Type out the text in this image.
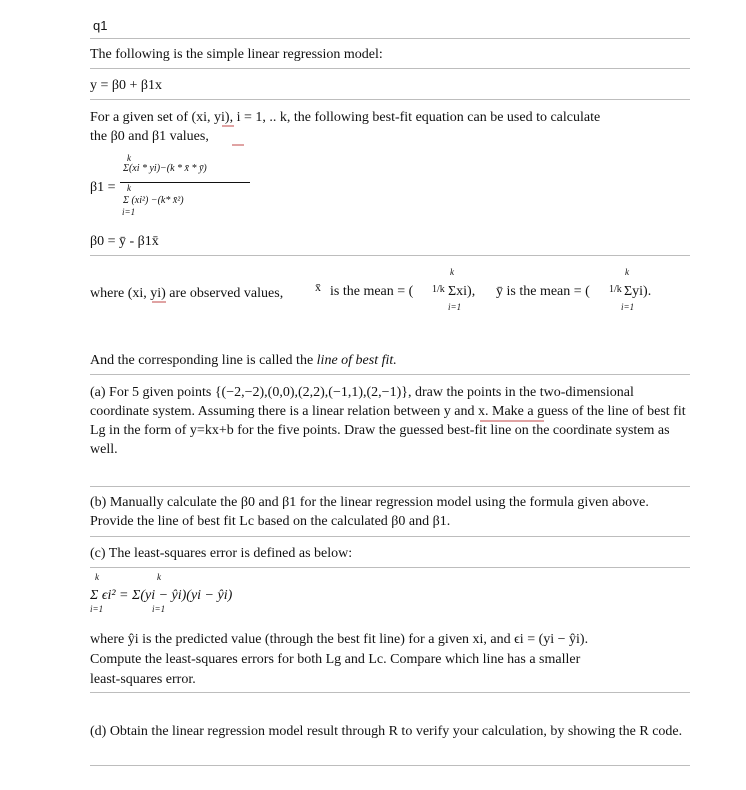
q1
The following is the simple linear regression model:
y = β0 + β1x
For a given set of (xi, yi), i = 1, .. k, the following best-fit equation can be used to calculate
the β0 and β1 values,
β1 =
k
Σ(xi * yi)−(k * x̄ * ȳ)
k
Σ (xi²) −(k* x̄²)
i=1
β0 = ȳ - β1x̄
k	k
where (xi, yi) are observed values,	x̄ is the mean = ( 1/k Σxi), ȳ is the mean = ( 1/k Σyi).
i=1	i=1
And the corresponding line is called the line of best fit.
(a) For 5 given points {(−2,−2),(0,0),(2,2),(−1,1),(2,−1)}, draw the points in the two-dimensional coordinate system. Assuming there is a linear relation between y and x. Make a guess of the line of best fit Lg in the form of y=kx+b for the five points. Draw the guessed best-fit line on the coordinate system as well.
(b) Manually calculate the β0 and β1 for the linear regression model using the formula given above. Provide the line of best fit Lc based on the calculated β0 and β1.
(c) The least-squares error is defined as below:
k	k
Σ ϵi² = Σ(yi − ŷi)(yi − ŷi)
i=1	i=1
where ŷi is the predicted value (through the best fit line) for a given xi, and ϵi = (yi − ŷi).
Compute the least-squares errors for both Lg and Lc. Compare which line has a smaller
least-squares error.
(d) Obtain the linear regression model result through R to verify your calculation, by showing the R code.
